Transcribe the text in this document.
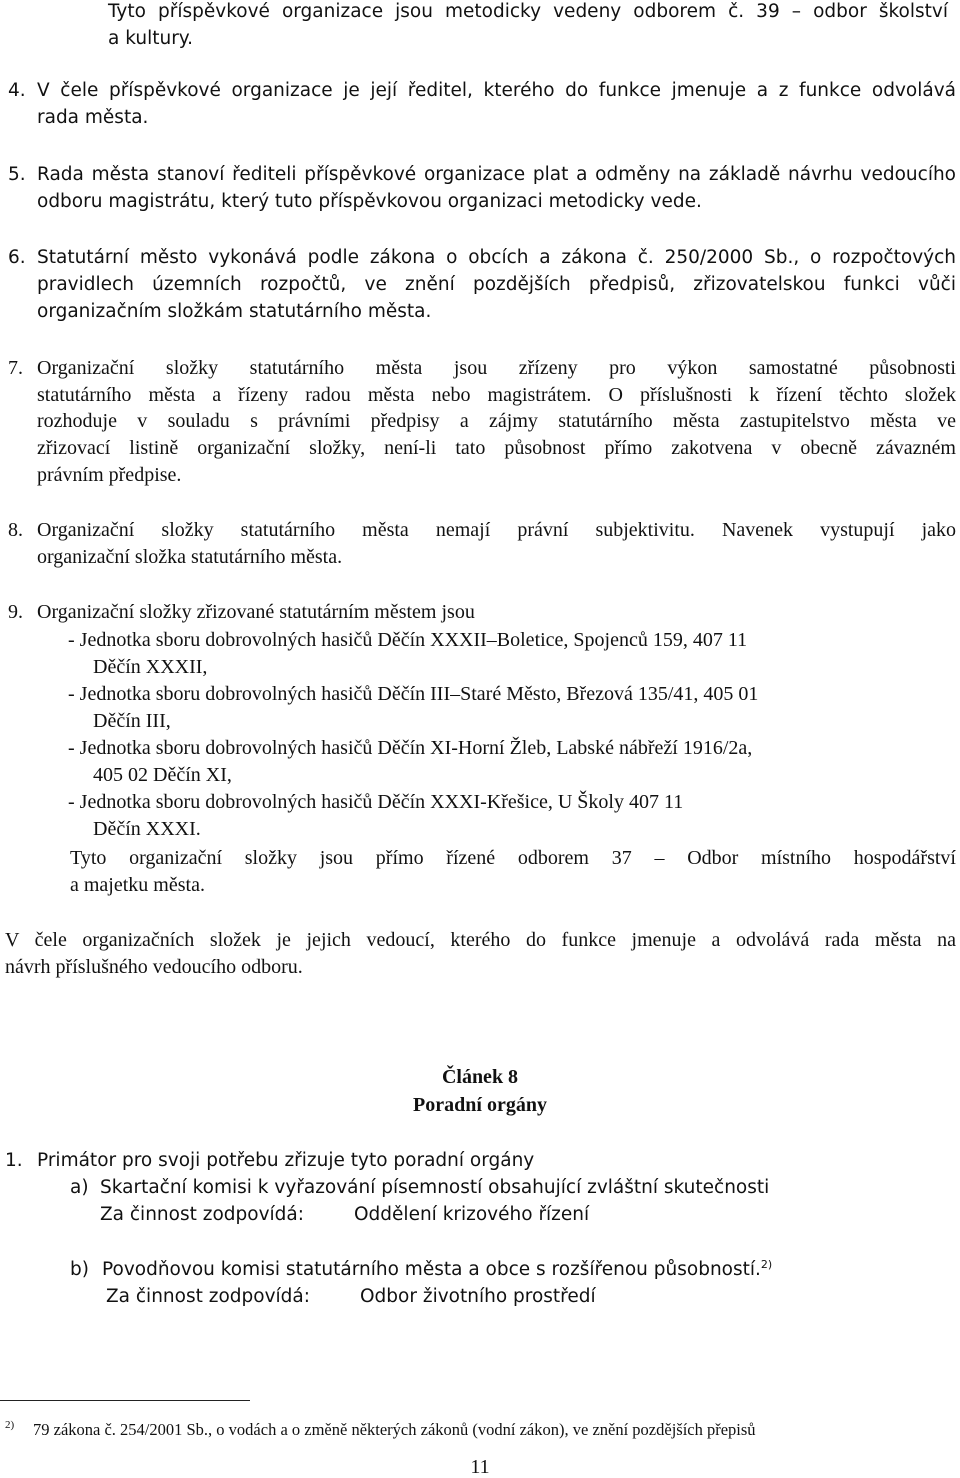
Tyto příspěvkové organizace jsou metodicky vedeny odborem č. 39 – odbor školství
a kultury.
4. V čele příspěvkové organizace je její ředitel, kterého do funkce jmenuje a z funkce odvolává
rada města.
5. Rada města stanoví řediteli příspěvkové organizace plat a odměny na základě návrhu vedoucího
odboru magistrátu, který tuto příspěvkovou organizaci metodicky vede.
6. Statutární město vykonává podle zákona o obcích a zákona č. 250/2000 Sb., o rozpočtových
pravidlech územních rozpočtů, ve znění pozdějších předpisů, zřizovatelskou funkci vůči
organizačním složkám statutárního města.
7. Organizační složky statutárního města jsou zřízeny pro výkon samostatné působnosti
statutárního města a řízeny radou města nebo magistrátem. O příslušnosti k řízení těchto složek
rozhoduje v souladu s právními předpisy a zájmy statutárního města zastupitelstvo města ve
zřizovací listině organizační složky, není-li tato působnost přímo zakotvena v obecně závazném
právním předpise.
8. Organizační složky statutárního města nemají právní subjektivitu. Navenek vystupují jako
organizační složka statutárního města.
9. Organizační složky zřizované statutárním městem jsou
- Jednotka sboru dobrovolných hasičů Děčín XXXII–Boletice, Spojenců 159, 407 11
Děčín XXXII,
- Jednotka sboru dobrovolných hasičů Děčín III–Staré Město, Březová 135/41, 405 01
Děčín III,
- Jednotka sboru dobrovolných hasičů Děčín XI-Horní Žleb, Labské nábřeží 1916/2a,
405 02 Děčín XI,
- Jednotka sboru dobrovolných hasičů Děčín XXXI-Křešice, U Školy 407 11
Děčín XXXI.
Tyto organizační složky jsou přímo řízené odborem 37 – Odbor místního hospodářství
a majetku města.
V čele organizačních složek je jejich vedoucí, kterého do funkce jmenuje a odvolává rada města na
návrh příslušného vedoucího odboru.
Článek 8
Poradní orgány
1. Primátor pro svoji potřebu zřizuje tyto poradní orgány
a) Skartační komisi k vyřazování písemností obsahující zvláštní skutečnosti
Za činnost zodpovídá:	Oddělení krizového řízení
b) Povodňovou komisi statutárního města a obce s rozšířenou působností.$^{2)}$
Za činnost zodpovídá:	Odbor životního prostředí
2) 79 zákona č. 254/2001 Sb., o vodách a o změně některých zákonů (vodní zákon), ve znění pozdějších přepisů
11
